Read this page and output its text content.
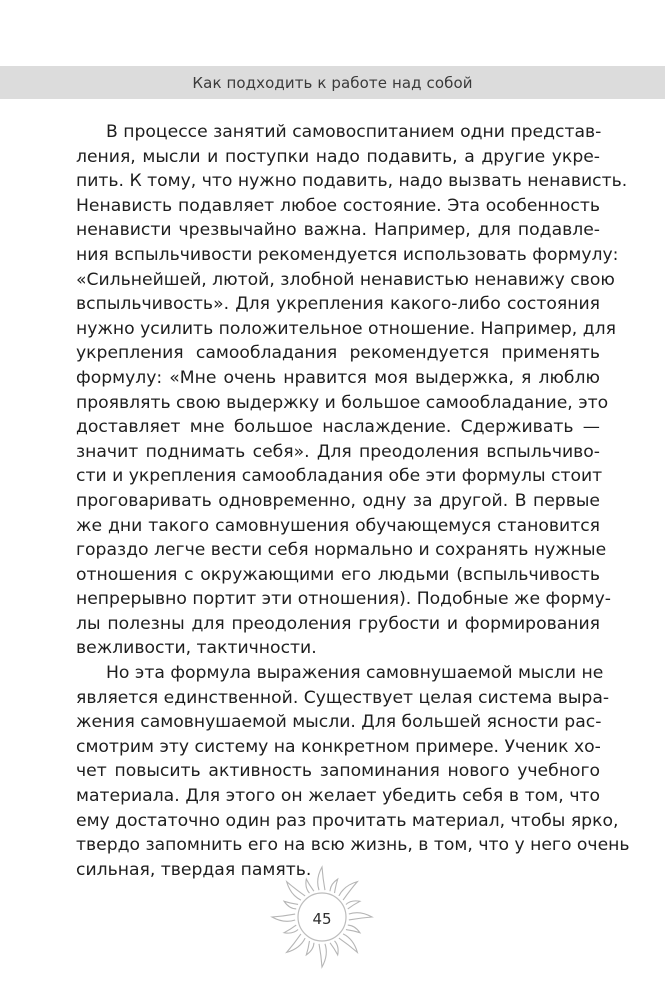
Как подходить к работе над собой
В процессе занятий самовоспитанием одни представ-
ления, мысли и поступки надо подавить, а другие укре-
пить. К тому, что нужно подавить, надо вызвать ненависть.
Ненависть подавляет любое состояние. Эта особенность
ненависти чрезвычайно важна. Например, для подавле-
ния вспыльчивости рекомендуется использовать формулу:
«Сильнейшей, лютой, злобной ненавистью ненавижу свою
вспыльчивость». Для укрепления какого-либо состояния
нужно усилить положительное отношение. Например, для
укрепления самообладания рекомендуется применять
формулу: «Мне очень нравится моя выдержка, я люблю
проявлять свою выдержку и большое самообладание, это
доставляет мне большое наслаждение. Сдерживать —
значит поднимать себя». Для преодоления вспыльчиво-
сти и укрепления самообладания обе эти формулы стоит
проговаривать одновременно, одну за другой. В первые
же дни такого самовнушения обучающемуся становится
гораздо легче вести себя нормально и сохранять нужные
отношения с окружающими его людьми (вспыльчивость
непрерывно портит эти отношения). Подобные же форму-
лы полезны для преодоления грубости и формирования
вежливости, тактичности.
Но эта формула выражения самовнушаемой мысли не
является единственной. Существует целая система выра-
жения самовнушаемой мысли. Для большей ясности рас-
смотрим эту систему на конкретном примере. Ученик хо-
чет повысить активность запоминания нового учебного
материала. Для этого он желает убедить себя в том, что
ему достаточно один раз прочитать материал, чтобы ярко,
твердо запомнить его на всю жизнь, в том, что у него очень
сильная, твердая память.
45
